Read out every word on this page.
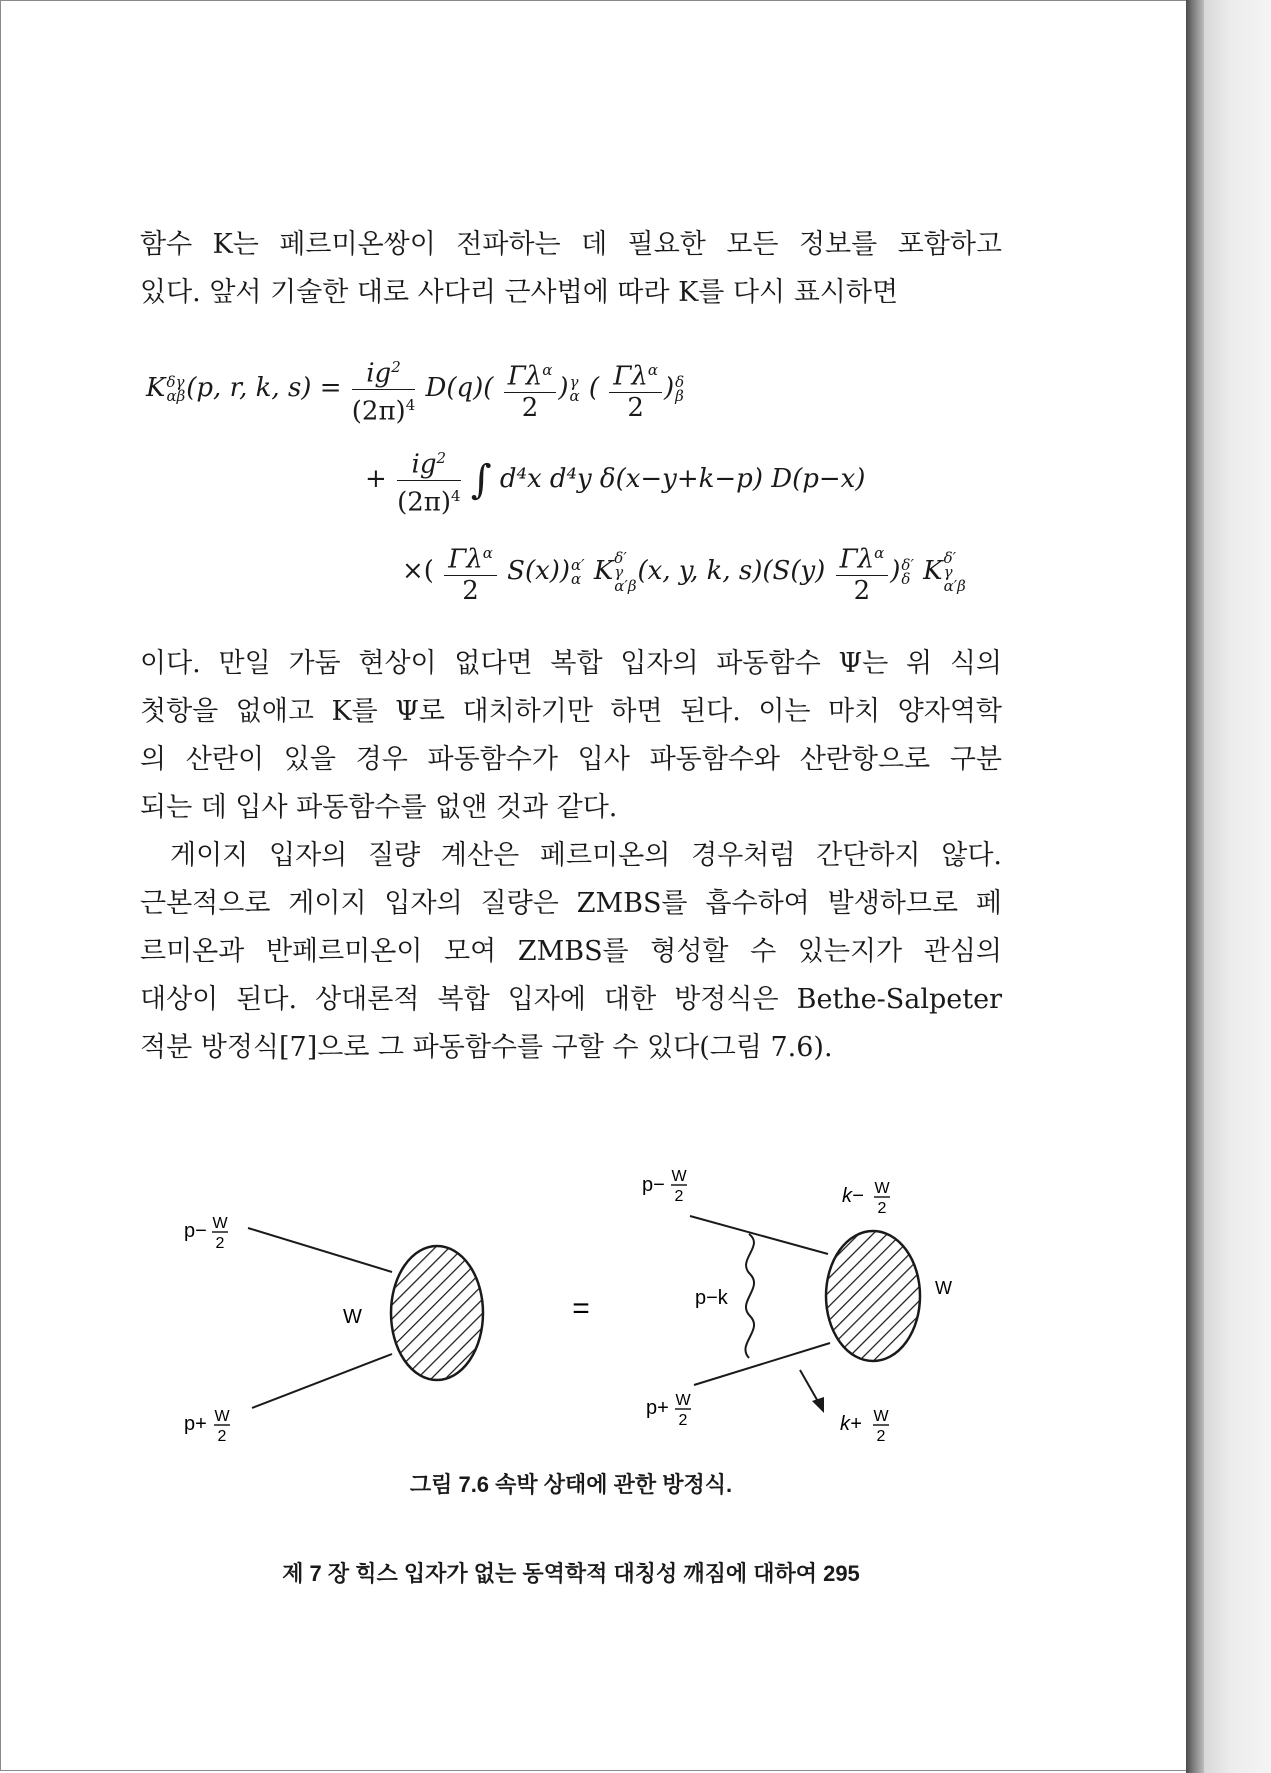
함수 K는 페르미온쌍이 전파하는 데 필요한 모든 정보를 포함하고
있다. 앞서 기술한 대로 사다리 근사법에 따라 K를 다시 표시하면
K δγ
αβ (p, r, k, $s) = \frac{ig^2}{(2\pi)^4} D(q)( \frac{\Gamma\lambda^\alpha}{2}$ ) γ
α ( $\frac{\Gamma\lambda^\alpha}{2}$ ) δ
β
+ $\frac{ig^2}{(2\pi)^4}$ ∫ d⁴x d⁴y δ(x−y+k−p) D(p−x)
×( $\frac{\Gamma\lambda^\alpha}{2} S(x)$) α′
α K δ′
γ
α′β (x, y, k, $s)(S(y) \frac{\Gamma\lambda^\alpha}{2}$ ) δ′
δ K δ′
γ
α′β
이다. 만일 가둠 현상이 없다면 복합 입자의 파동함수 Ψ는 위 식의
첫항을 없애고 K를 Ψ로 대치하기만 하면 된다. 이는 마치 양자역학
의 산란이 있을 경우 파동함수가 입사 파동함수와 산란항으로 구분
되는 데 입사 파동함수를 없앤 것과 같다.
게이지 입자의 질량 계산은 페르미온의 경우처럼 간단하지 않다.
근본적으로 게이지 입자의 질량은 ZMBS를 흡수하여 발생하므로 페
르미온과 반페르미온이 모여 ZMBS를 형성할 수 있는지가 관심의
대상이 된다. 상대론적 복합 입자에 대한 방정식은 Bethe-Salpeter
적분 방정식[7]으로 그 파동함수를 구할 수 있다(그림 7.6).
p− W
2
p+ W
2
W	=
p− W
2	k− W
2
p−k	W
p+ W
2	k+ W
2
그림 7.6 속박 상태에 관한 방정식.
제 7 장 힉스 입자가 없는 동역학적 대칭성 깨짐에 대하여 295
